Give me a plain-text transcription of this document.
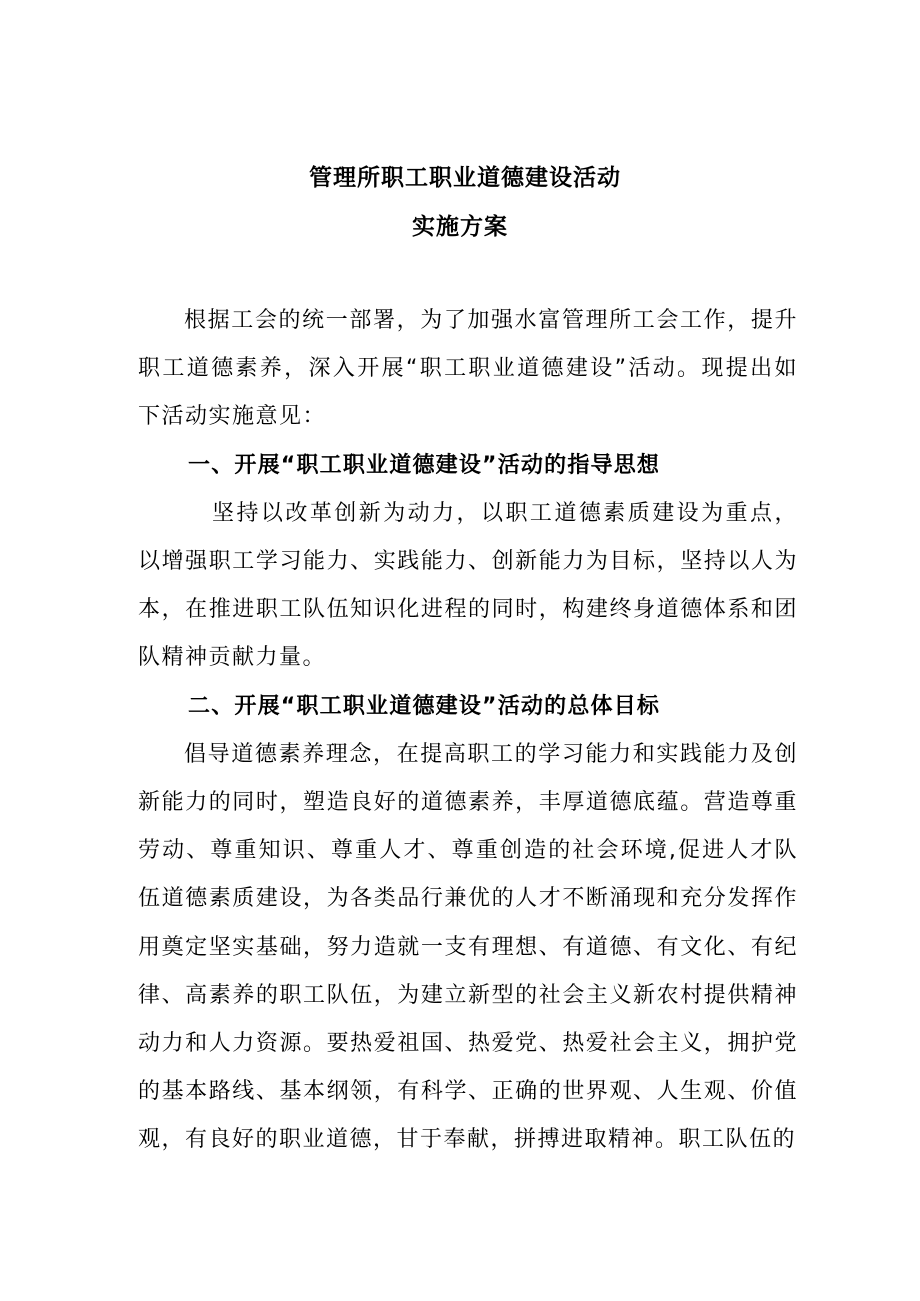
管理所职工职业道德建设活动
实施方案

根据工会的统一部署，为了加强水富管理所工会工作，提升职工道德素养，深入开展“职工职业道德建设”活动。现提出如下活动实施意见：

一、开展“职工职业道德建设”活动的指导思想

坚持以改革创新为动力，以职工道德素质建设为重点，以增强职工学习能力、实践能力、创新能力为目标，坚持以人为本，在推进职工队伍知识化进程的同时，构建终身道德体系和团队精神贡献力量。

二、开展“职工职业道德建设”活动的总体目标

倡导道德素养理念，在提高职工的学习能力和实践能力及创新能力的同时，塑造良好的道德素养，丰厚道德底蕴。营造尊重劳动、尊重知识、尊重人才、尊重创造的社会环境,促进人才队伍道德素质建设，为各类品行兼优的人才不断涌现和充分发挥作用奠定坚实基础，努力造就一支有理想、有道德、有文化、有纪律、高素养的职工队伍，为建立新型的社会主义新农村提供精神动力和人力资源。要热爱祖国、热爱党、热爱社会主义，拥护党的基本路线、基本纲领，有科学、正确的世界观、人生观、价值观，有良好的职业道德，甘于奉献，拼搏进取精神。职工队伍的
